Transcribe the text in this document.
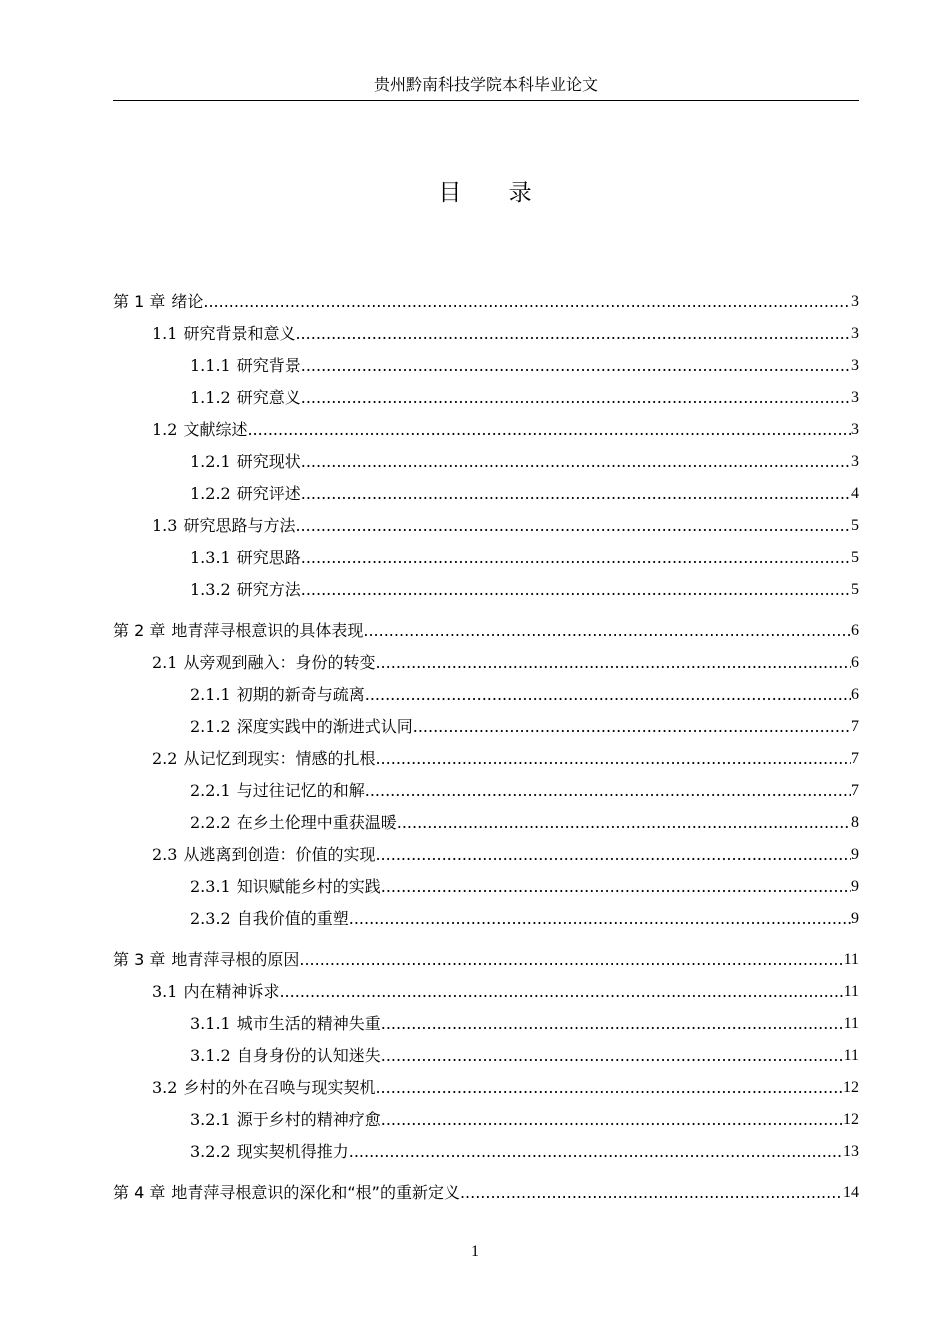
贵州黔南科技学院本科毕业论文
目 录
第 1 章 绪论 .....	3
1.1 研究背景和意义 .....	3
1.1.1 研究背景 .....	3
1.1.2 研究意义 .....	3
1.2 文献综述 .....	3
1.2.1 研究现状 .....	3
1.2.2 研究评述 .....	4
1.3 研究思路与方法 .....	5
1.3.1 研究思路 .....	5
1.3.2 研究方法 .....	5
第 2 章 地青萍寻根意识的具体表现 .....	6
2.1 从旁观到融入：身份的转变 .....	6
2.1.1 初期的新奇与疏离 .....	6
2.1.2 深度实践中的渐进式认同 .....	7
2.2 从记忆到现实：情感的扎根 .....	7
2.2.1 与过往记忆的和解 .....	7
2.2.2 在乡土伦理中重获温暖 .....	8
2.3 从逃离到创造：价值的实现 .....	9
2.3.1 知识赋能乡村的实践 .....	9
2.3.2 自我价值的重塑 .....	9
第 3 章 地青萍寻根的原因 .....	11
3.1 内在精神诉求 .....	11
3.1.1 城市生活的精神失重 .....	11
3.1.2 自身身份的认知迷失 .....	11
3.2 乡村的外在召唤与现实契机 .....	12
3.2.1 源于乡村的精神疗愈 .....	12
3.2.2 现实契机得推力 .....	13
第 4 章 地青萍寻根意识的深化和“根”的重新定义 .....	14
1
